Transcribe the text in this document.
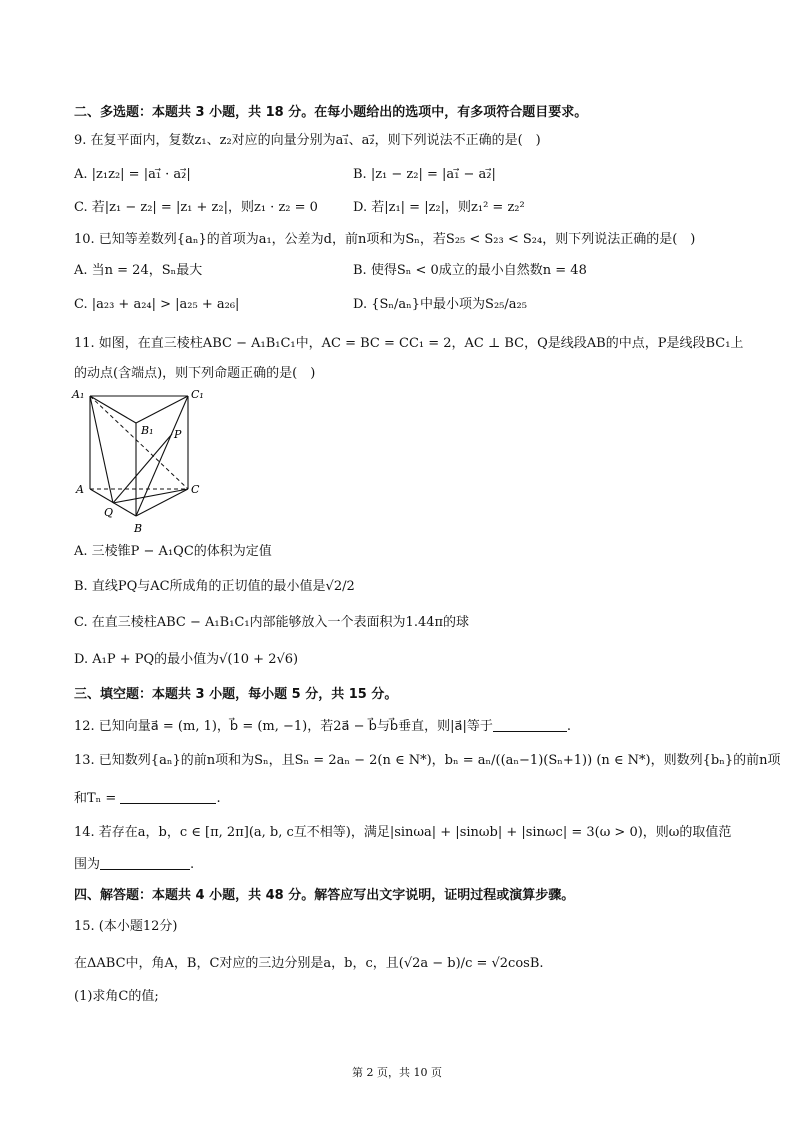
二、多选题：本题共 3 小题，共 18 分。在每小题给出的选项中，有多项符合题目要求。
9. 在复平面内，复数z₁、z₂对应的向量分别为a₁⃗、a₂⃗，则下列说法不正确的是(　)
A. |z₁z₂| = |a₁⃗ · a₂⃗|	B. |z₁ − z₂| = |a₁⃗ − a₂⃗|
C. 若|z₁ − z₂| = |z₁ + z₂|，则z₁ · z₂ = 0	D. 若|z₁| = |z₂|，则z₁² = z₂²
10. 已知等差数列{aₙ}的首项为a₁，公差为d，前n项和为Sₙ，若S₂₅ < S₂₃ < S₂₄，则下列说法正确的是(　)
A. 当n = 24，Sₙ最大	B. 使得Sₙ < 0成立的最小自然数n = 48
C. |a₂₃ + a₂₄| > |a₂₅ + a₂₆|	D. {Sₙ/aₙ}中最小项为S₂₅/a₂₅
11. 如图，在直三棱柱ABC − A₁B₁C₁中，AC = BC = CC₁ = 2，AC ⊥ BC，Q是线段AB的中点，P是线段BC₁上
的动点(含端点)，则下列命题正确的是(　)
A₁	C₁
B₁ P
A	C
Q
B
A. 三棱锥P − A₁QC的体积为定值
B. 直线PQ与AC所成角的正切值的最小值是√2/2
C. 在直三棱柱ABC − A₁B₁C₁内部能够放入一个表面积为1.44π的球
D. A₁P + PQ的最小值为√(10 + 2√6)
三、填空题：本题共 3 小题，每小题 5 分，共 15 分。
12. 已知向量a⃗ = (m, 1)，b⃗ = (m, −1)，若2a⃗ − b⃗与b⃗垂直，则|a⃗|等于	.
13. 已知数列{aₙ}的前n项和为Sₙ，且Sₙ = 2aₙ − 2(n ∈ N*)，bₙ = aₙ/((aₙ−1)(Sₙ+1)) (n ∈ N*)，则数列{bₙ}的前n项
和Tₙ =	.
14. 若存在a，b，c ∈ [π, 2π](a, b, c互不相等)，满足|sinωa| + |sinωb| + |sinωc| = 3(ω > 0)，则ω的取值范
围为	.
四、解答题：本题共 4 小题，共 48 分。解答应写出文字说明，证明过程或演算步骤。
15. (本小题12分)
在ΔABC中，角A，B，C对应的三边分别是a，b，c，且(√2a − b)/c = √2cosB.
(1)求角C的值;
第 2 页，共 10 页
